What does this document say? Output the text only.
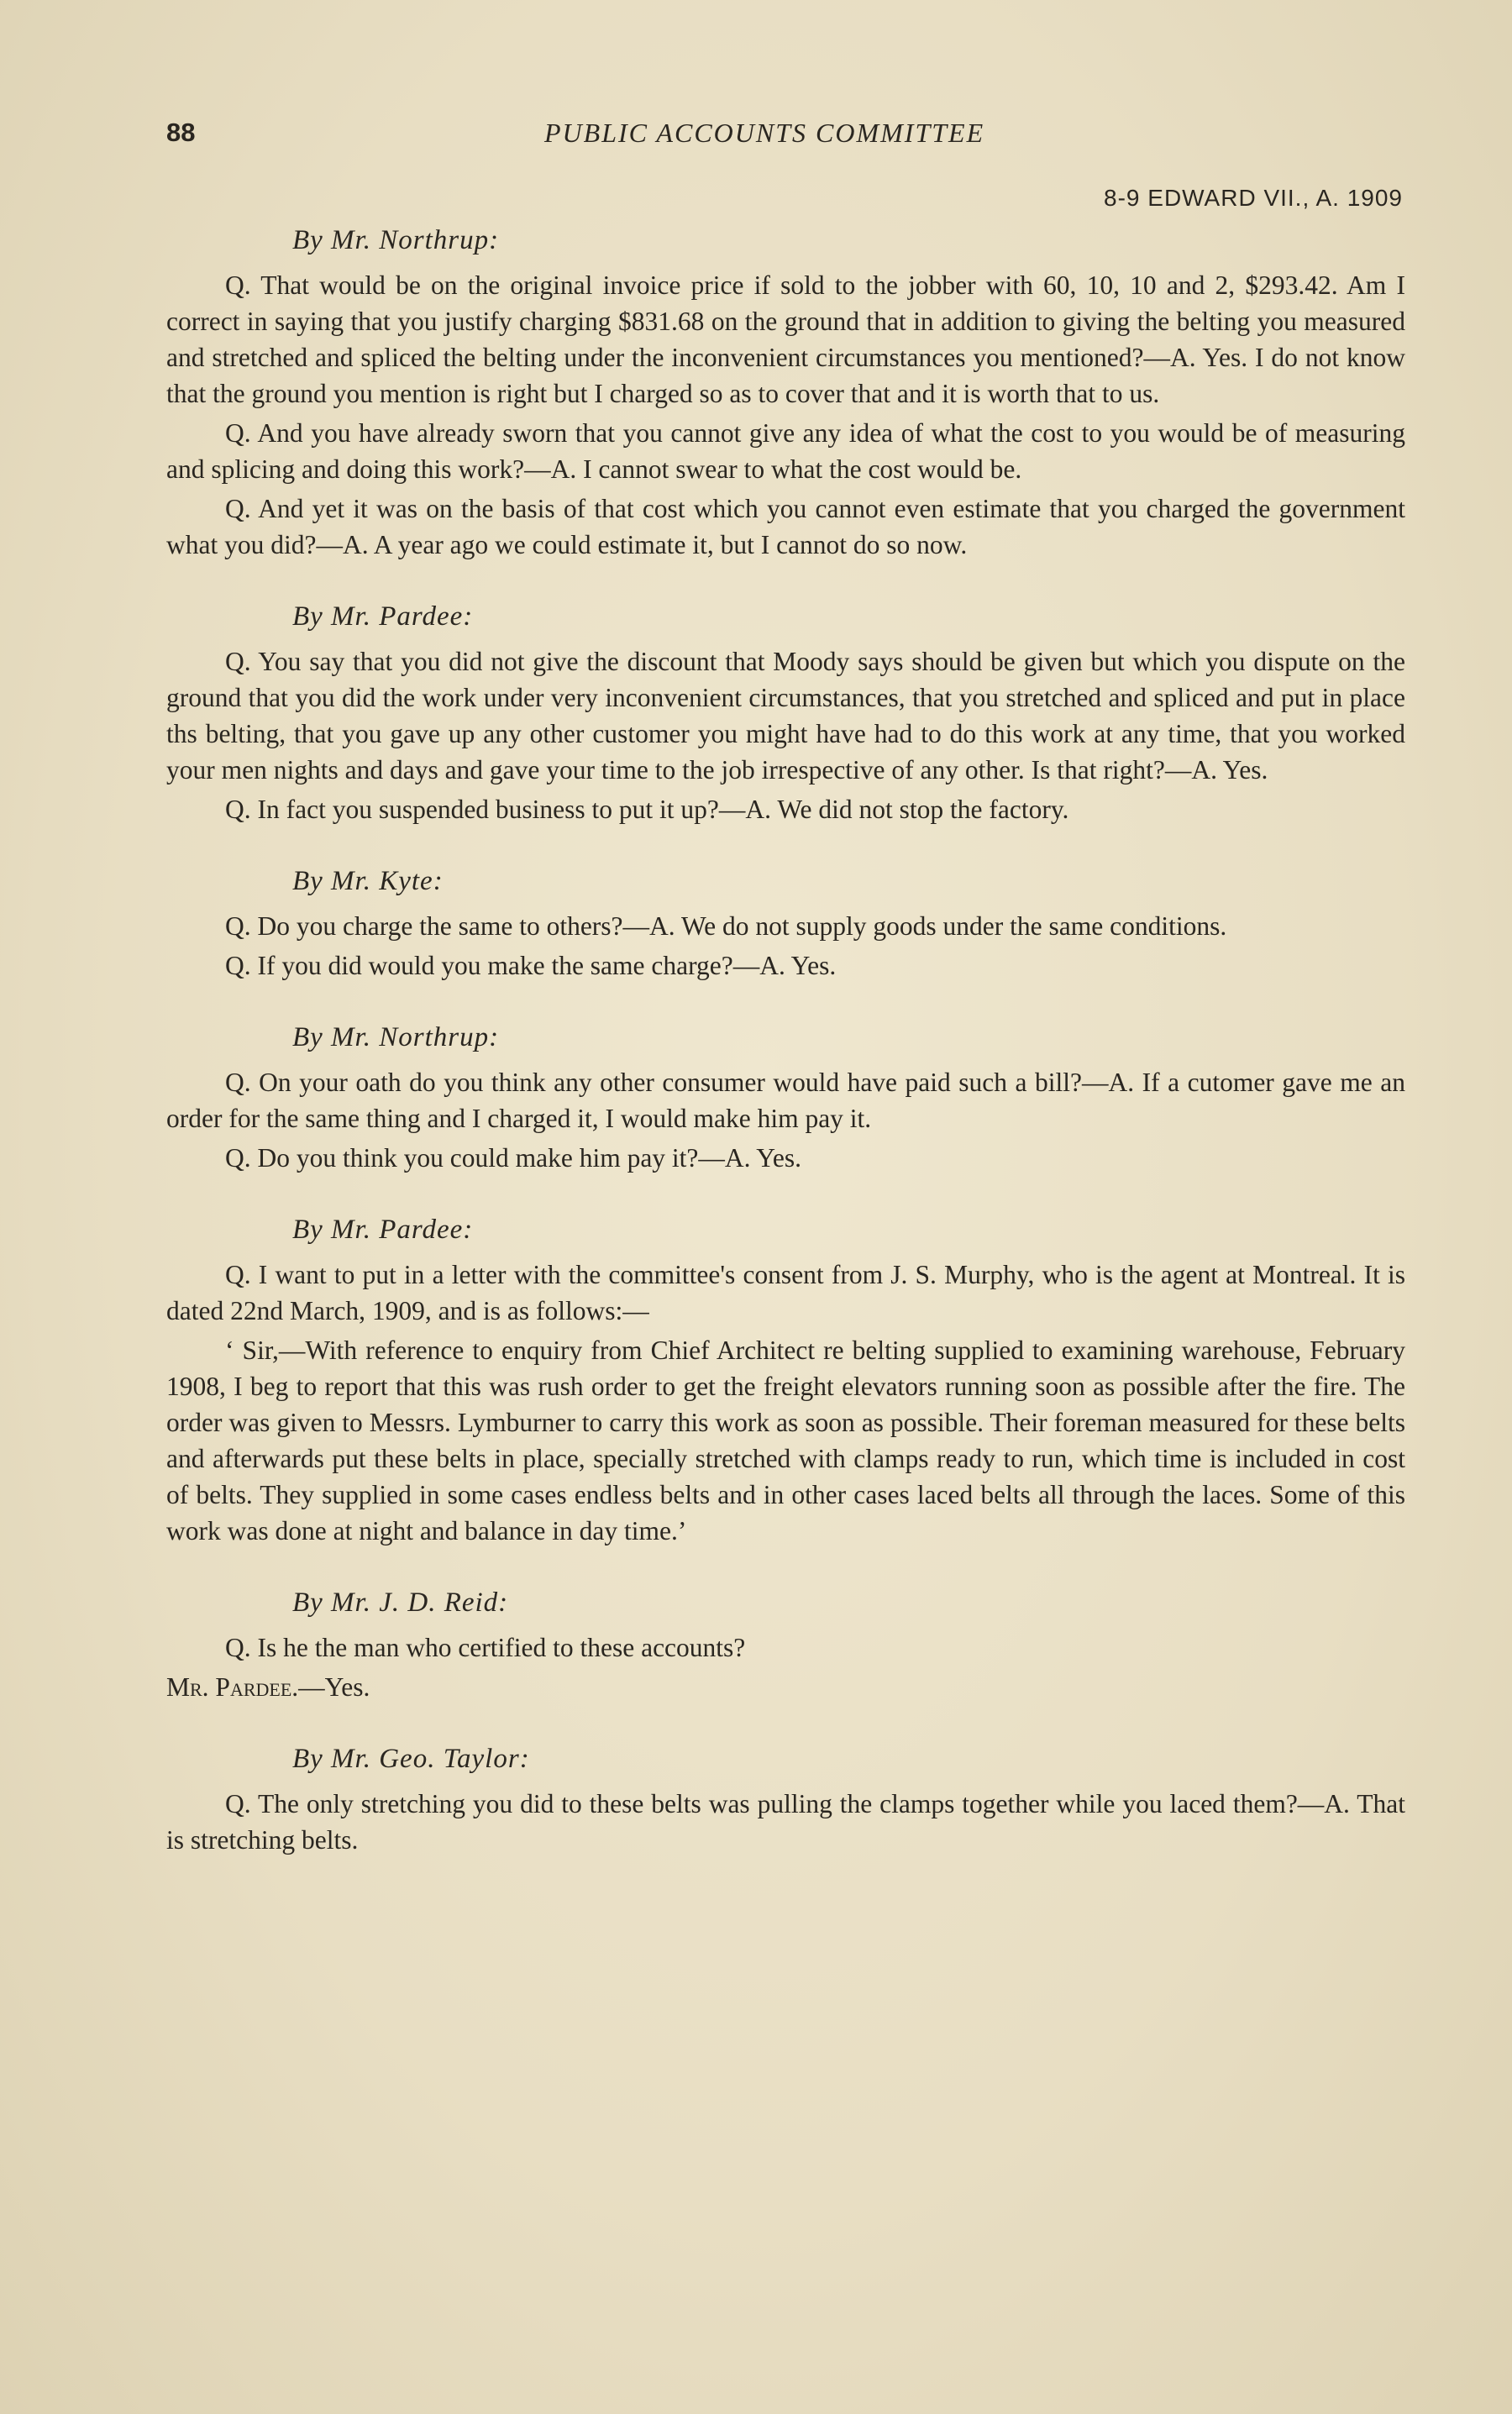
88	PUBLIC ACCOUNTS COMMITTEE
8-9 EDWARD VII., A. 1909
By Mr. Northrup:

Q. That would be on the original invoice price if sold to the jobber with 60, 10, 10 and 2, $293.42. Am I correct in saying that you justify charging $831.68 on the ground that in addition to giving the belting you measured and stretched and spliced the belting under the inconvenient circumstances you mentioned?—A. Yes. I do not know that the ground you mention is right but I charged so as to cover that and it is worth that to us.

Q. And you have already sworn that you cannot give any idea of what the cost to you would be of measuring and splicing and doing this work?—A. I cannot swear to what the cost would be.

Q. And yet it was on the basis of that cost which you cannot even estimate that you charged the government what you did?—A. A year ago we could estimate it, but I cannot do so now.

By Mr. Pardee:

Q. You say that you did not give the discount that Moody says should be given but which you dispute on the ground that you did the work under very inconvenient circumstances, that you stretched and spliced and put in place ths belting, that you gave up any other customer you might have had to do this work at any time, that you worked your men nights and days and gave your time to the job irrespective of any other. Is that right?—A. Yes.

Q. In fact you suspended business to put it up?—A. We did not stop the factory.

By Mr. Kyte:

Q. Do you charge the same to others?—A. We do not supply goods under the same conditions.

Q. If you did would you make the same charge?—A. Yes.

By Mr. Northrup:

Q. On your oath do you think any other consumer would have paid such a bill?—A. If a cutomer gave me an order for the same thing and I charged it, I would make him pay it.

Q. Do you think you could make him pay it?—A. Yes.

By Mr. Pardee:

Q. I want to put in a letter with the committee's consent from J. S. Murphy, who is the agent at Montreal. It is dated 22nd March, 1909, and is as follows:—

‘ Sir,—With reference to enquiry from Chief Architect re belting supplied to examining warehouse, February 1908, I beg to report that this was rush order to get the freight elevators running soon as possible after the fire. The order was given to Messrs. Lymburner to carry this work as soon as possible. Their foreman measured for these belts and afterwards put these belts in place, specially stretched with clamps ready to run, which time is included in cost of belts. They supplied in some cases endless belts and in other cases laced belts all through the laces. Some of this work was done at night and balance in day time.’

By Mr. J. D. Reid:

Q. Is he the man who certified to these accounts?

Mr. Pardee.—Yes.

By Mr. Geo. Taylor:

Q. The only stretching you did to these belts was pulling the clamps together while you laced them?—A. That is stretching belts.
